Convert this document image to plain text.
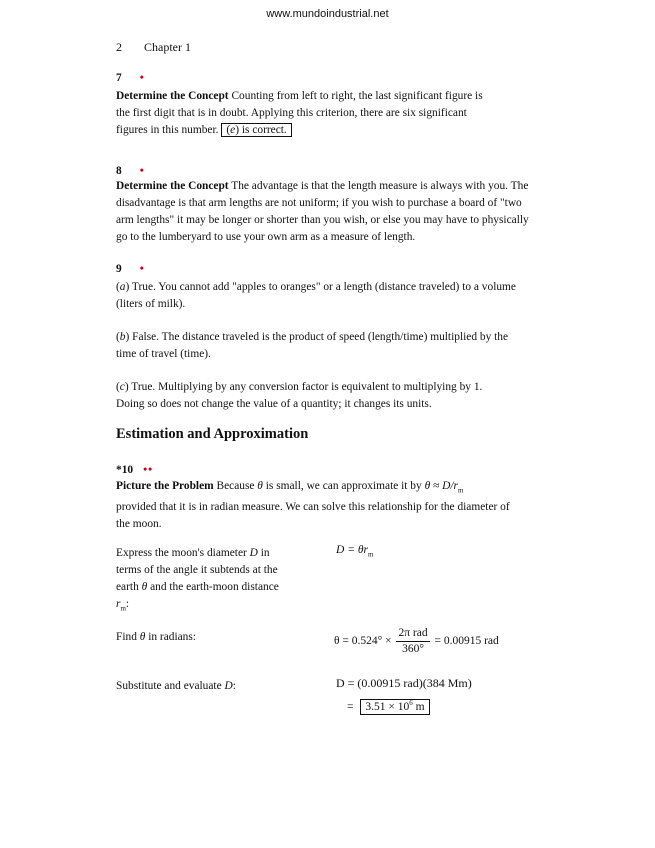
www.mundoindustrial.net
2 Chapter 1
7 •
Determine the Concept Counting from left to right, the last significant figure is
the first digit that is in doubt. Applying this criterion, there are six significant
figures in this number. (e) is correct.
8 •
Determine the Concept The advantage is that the length measure is always with you. The
disadvantage is that arm lengths are not uniform; if you wish to purchase a board of "two
arm lengths" it may be longer or shorter than you wish, or else you may have to physically
go to the lumberyard to use your own arm as a measure of length.
9 •
(a) True. You cannot add "apples to oranges" or a length (distance traveled) to a volume
(liters of milk).
(b) False. The distance traveled is the product of speed (length/time) multiplied by the
time of travel (time).
(c) True. Multiplying by any conversion factor is equivalent to multiplying by 1.
Doing so does not change the value of a quantity; it changes its units.
Estimation and Approximation
*10 ••
Picture the Problem Because θ is small, we can approximate it by $\theta \approx D/r_m$
provided that it is in radian measure. We can solve this relationship for the diameter of
the moon.
Express the moon's diameter D in
terms of the angle it subtends at the
earth θ and the earth-moon distance
$r_m$:
$D = \theta r_m$
Find θ in radians:	$\theta = 0.524^\circ \times \frac{\text{2π rad}}{360^\circ} = 0.00915$ rad
Substitute and evaluate D:	D = (0.00915 rad)(384 Mm)
= $3.51 \times 10^6$ m
